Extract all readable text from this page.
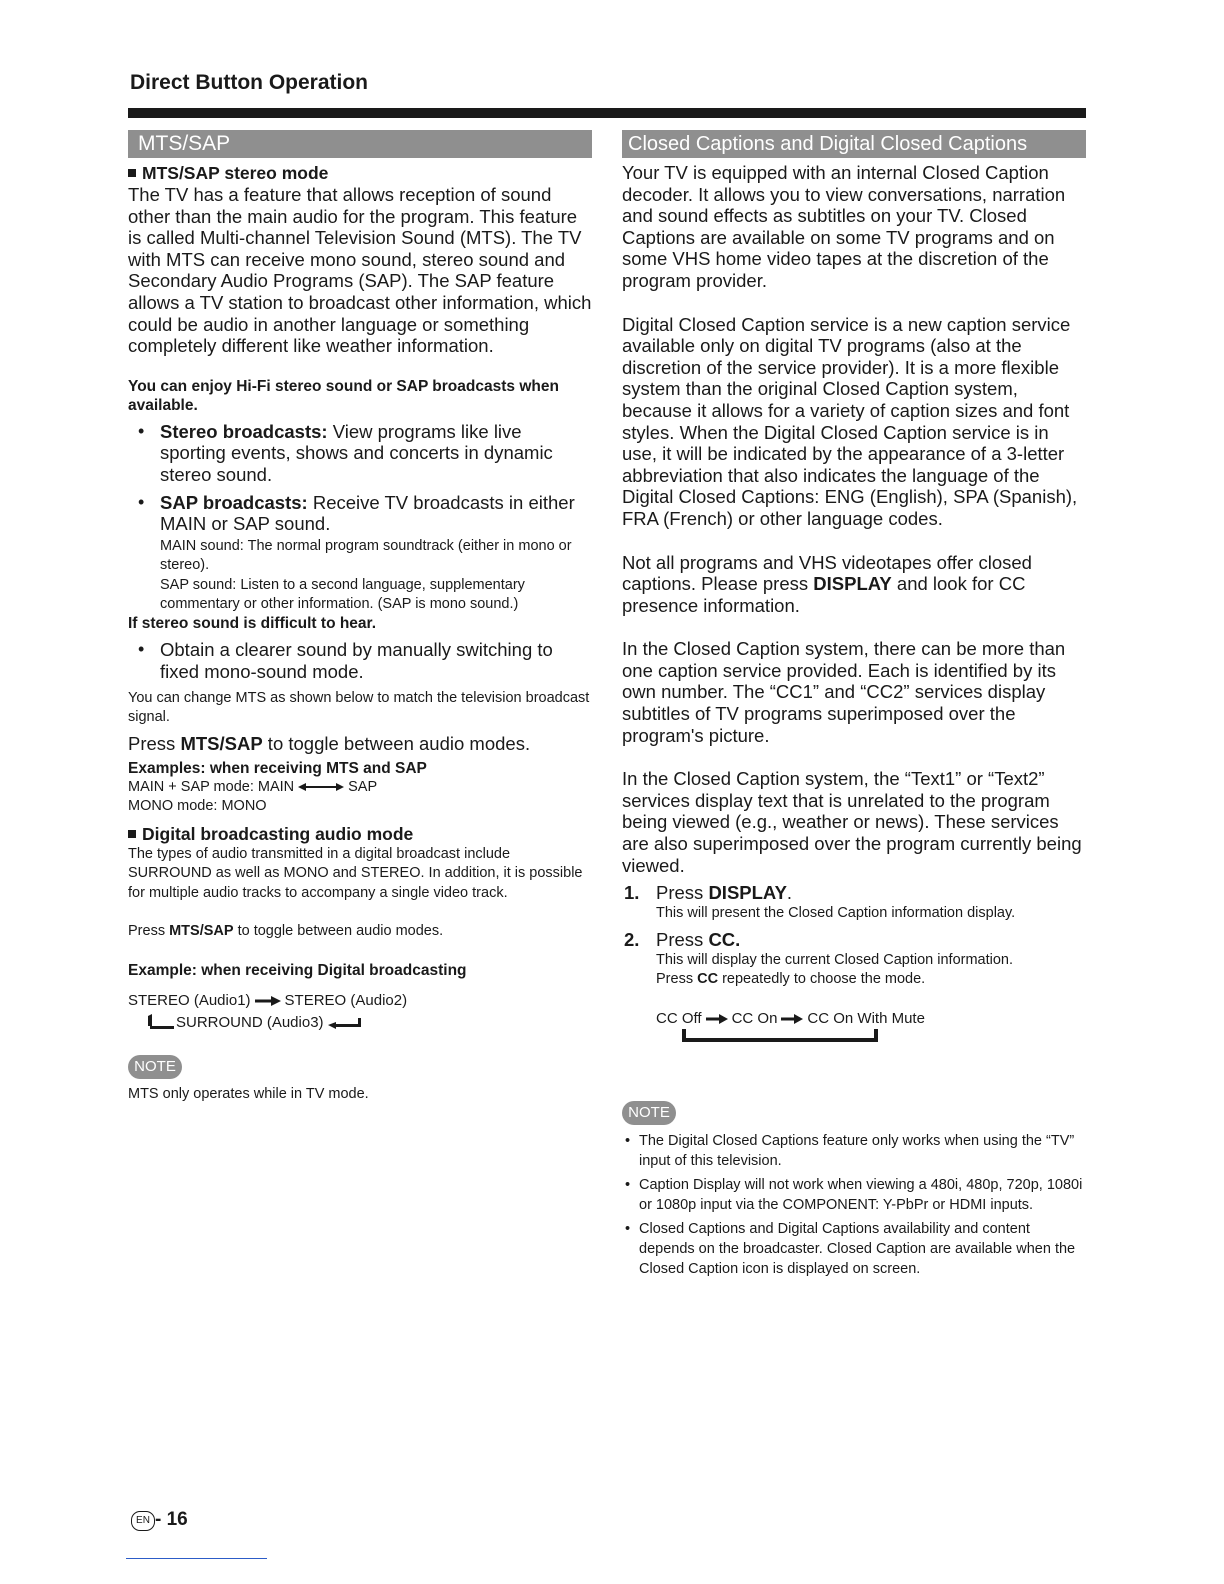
Direct Button Operation
MTS/SAP
MTS/SAP stereo mode

The TV has a feature that allows reception of sound other than the main audio for the program. This feature is called Multi-channel Television Sound (MTS). The TV with MTS can receive mono sound, stereo sound and Secondary Audio Programs (SAP). The SAP feature allows a TV station to broadcast other information, which could be audio in another language or something completely different like weather information.

You can enjoy Hi-Fi stereo sound or SAP broadcasts when available.

• Stereo broadcasts: View programs like live sporting events, shows and concerts in dynamic stereo sound.
• SAP broadcasts: Receive TV broadcasts in either MAIN or SAP sound.
MAIN sound: The normal program soundtrack (either in mono or stereo).
SAP sound: Listen to a second language, supplementary commentary or other information. (SAP is mono sound.)

If stereo sound is difficult to hear.

• Obtain a clearer sound by manually switching to fixed mono-sound mode.

You can change MTS as shown below to match the television broadcast signal.

Press MTS/SAP to toggle between audio modes.

Examples: when receiving MTS and SAP

MAIN + SAP mode: MAIN	SAP

MONO mode: MONO

Digital broadcasting audio mode

The types of audio transmitted in a digital broadcast include SURROUND as well as MONO and STEREO. In addition, it is possible for multiple audio tracks to accompany a single video track.

Press MTS/SAP to toggle between audio modes.

Example: when receiving Digital broadcasting

STEREO (Audio1) STEREO (Audio2)
SURROUND (Audio3)
NOTE

MTS only operates while in TV mode.

Closed Captions and Digital Closed Captions

Your TV is equipped with an internal Closed Caption decoder. It allows you to view conversations, narration and sound effects as subtitles on your TV. Closed Captions are available on some TV programs and on some VHS home video tapes at the discretion of the program provider.

Digital Closed Caption service is a new caption service available only on digital TV programs (also at the discretion of the service provider). It is a more flexible system than the original Closed Caption system, because it allows for a variety of caption sizes and font styles. When the Digital Closed Caption service is in use, it will be indicated by the appearance of a 3-letter abbreviation that also indicates the language of the Digital Closed Captions: ENG (English), SPA (Spanish), FRA (French) or other language codes.

Not all programs and VHS videotapes offer closed captions. Please press DISPLAY and look for CC presence information.

In the Closed Caption system, there can be more than one caption service provided. Each is identified by its own number. The “CC1” and “CC2” services display subtitles of TV programs superimposed over the program's picture.

In the Closed Caption system, the “Text1” or “Text2” services display text that is unrelated to the program being viewed (e.g., weather or news). These services are also superimposed over the program currently being viewed.

1. Press DISPLAY.
This will present the Closed Caption information display.
2. Press CC.
This will display the current Closed Caption information.
Press CC repeatedly to choose the mode.
CC Off CC On CC On With Mute
NOTE
• The Digital Closed Captions feature only works when using the “TV” input of this television.
• Caption Display will not work when viewing a 480i, 480p, 720p, 1080i or 1080p input via the COMPONENT: Y-PbPr or HDMI inputs.
• Closed Captions and Digital Captions availability and content depends on the broadcaster. Closed Caption are available when the Closed Caption icon is displayed on screen.
EN - 16
